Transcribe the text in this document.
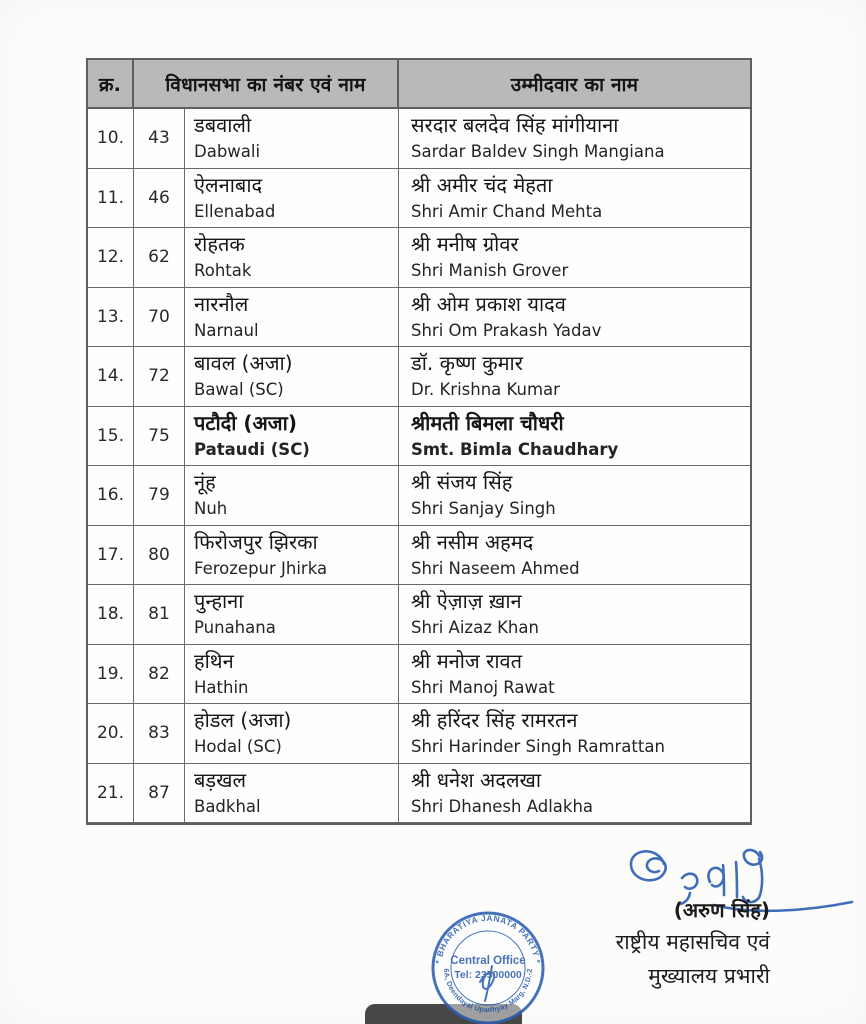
क्र.	विधानसभा का नंबर एवं नाम	उम्मीदवार का नाम
10. 43
डबवाली
Dabwali
सरदार बलदेव सिंह मांगीयाना
Sardar Baldev Singh Mangiana
11. 46
ऐलनाबाद
Ellenabad
श्री अमीर चंद मेहता
Shri Amir Chand Mehta
12. 62
रोहतक
Rohtak
श्री मनीष ग्रोवर
Shri Manish Grover
13. 70
नारनौल
Narnaul
श्री ओम प्रकाश यादव
Shri Om Prakash Yadav
14. 72
बावल (अजा)
Bawal (SC)
डॉ. कृष्ण कुमार
Dr. Krishna Kumar
15. 75
पटौदी (अजा)
Pataudi (SC)
श्रीमती बिमला चौधरी
Smt. Bimla Chaudhary
16. 79
नूंह
Nuh
श्री संजय सिंह
Shri Sanjay Singh
17. 80
फिरोजपुर झिरका
Ferozepur Jhirka
श्री नसीम अहमद
Shri Naseem Ahmed
18. 81
पुन्हाना
Punahana
श्री ऐज़ाज़ ख़ान
Shri Aizaz Khan
19. 82
हथिन
Hathin
श्री मनोज रावत
Shri Manoj Rawat
20. 83
होडल (अजा)
Hodal (SC)
श्री हरिंदर सिंह रामरतन
Shri Harinder Singh Ramrattan
21. 87
बड़खल
Badkhal
श्री धनेश अदलखा
Shri Dhanesh Adlakha
(अरुण सिंह)
राष्ट्रीय महासचिव एवं
मुख्यालय प्रभारी
* BHARATIYA JANATA PARTY *
6A, Deendayal Upadhyay Marg, N.D.-2
Central Office
Tel: 23500000
